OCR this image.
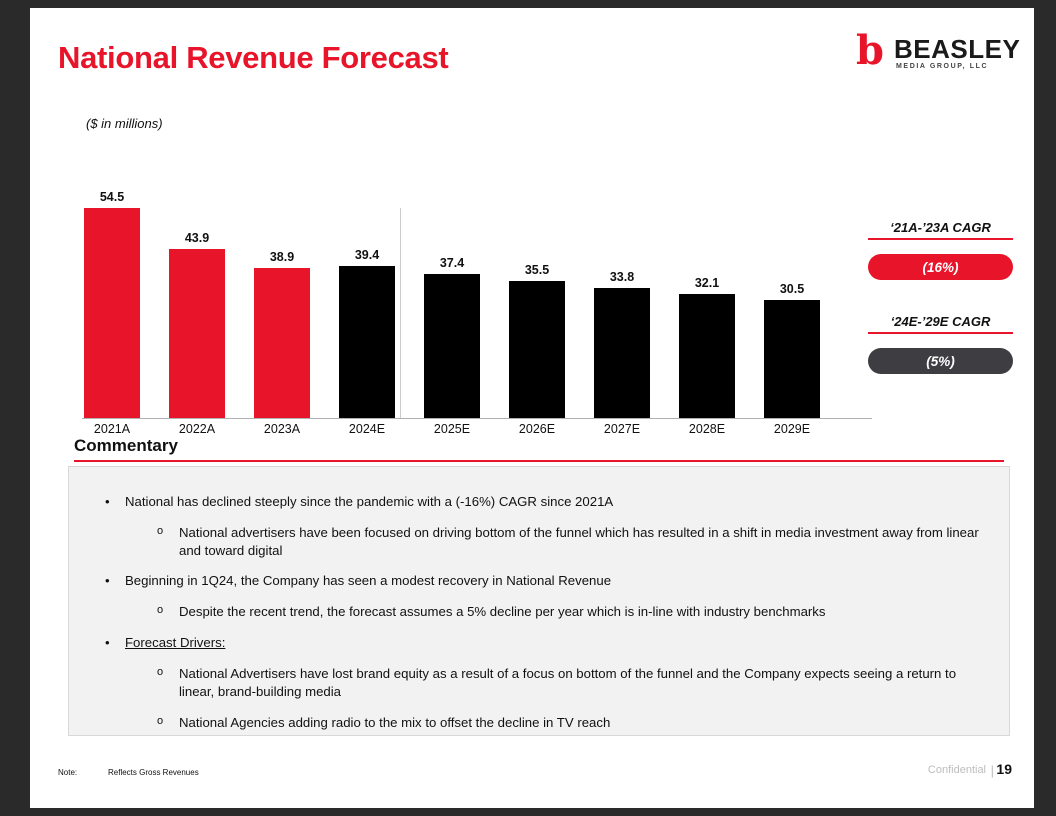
National Revenue Forecast	b BEASLEY
MEDIA GROUP, LLC
($ in millions)
54.5
43.9
38.9	39.4
37.4	35.5	33.8	32.1	30.5
2021A	2022A	2023A	2024E	2025E	2026E	2027E	2028E	2029E
‘21A-’23A CAGR
(16%)
‘24E-’29E CAGR
(5%)
Commentary
• National has declined steeply since the pandemic with a (-16%) CAGR since 2021A
o National advertisers have been focused on driving bottom of the funnel which has resulted in a shift in media investment away from linear and toward digital
• Beginning in 1Q24, the Company has seen a modest recovery in National Revenue
o Despite the recent trend, the forecast assumes a 5% decline per year which is in-line with industry benchmarks
• Forecast Drivers:
o National Advertisers have lost brand equity as a result of a focus on bottom of the funnel and the Company expects seeing a return to linear, brand-building media
o National Agencies adding radio to the mix to offset the decline in TV reach
Note:	Reflects Gross Revenues	Confidential | 19
